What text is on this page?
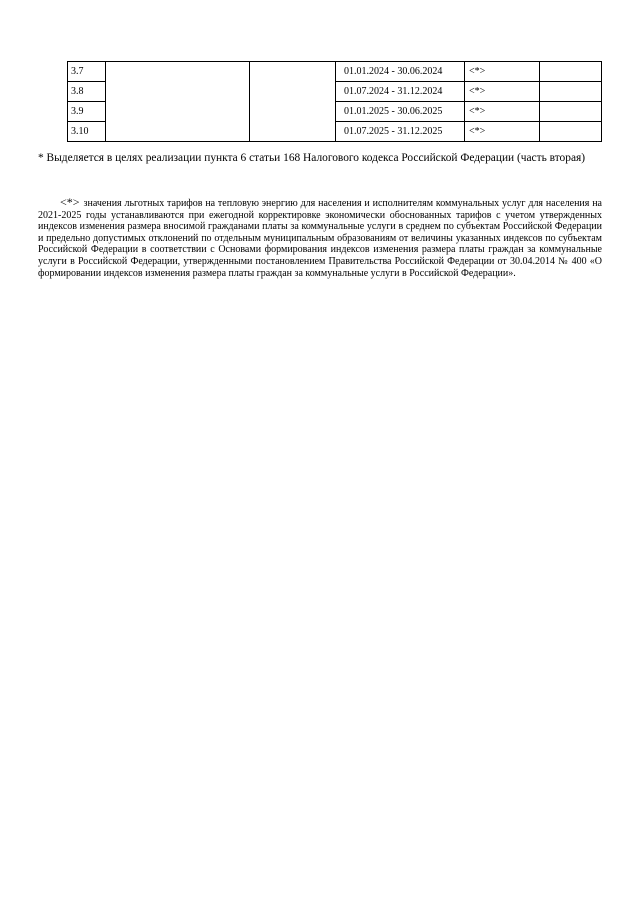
3.7			01.01.2024 - 30.06.2024	<*>	
3.8			01.07.2024 - 31.12.2024	<*>	
3.9			01.01.2025 - 30.06.2025	<*>	
3.10			01.07.2025 - 31.12.2025	<*>	

* Выделяется в целях реализации пункта 6 статьи 168 Налогового кодекса Российской Федерации (часть вторая)

<*> значения льготных тарифов на тепловую энергию для населения и исполнителям коммунальных услуг для населения на 2021-2025 годы устанавливаются при ежегодной корректировке экономически обоснованных тарифов с учетом утвержденных индексов изменения размера вносимой гражданами платы за коммунальные услуги в среднем по субъектам Российской Федерации и предельно допустимых отклонений по отдельным муниципальным образованиям от величины указанных индексов по субъектам Российской Федерации в соответствии с Основами формирования индексов изменения размера платы граждан за коммунальные услуги в Российской Федерации, утвержденными постановлением Правительства Российской Федерации от 30.04.2014 № 400 «О формировании индексов изменения размера платы граждан за коммунальные услуги в Российской Федерации».
